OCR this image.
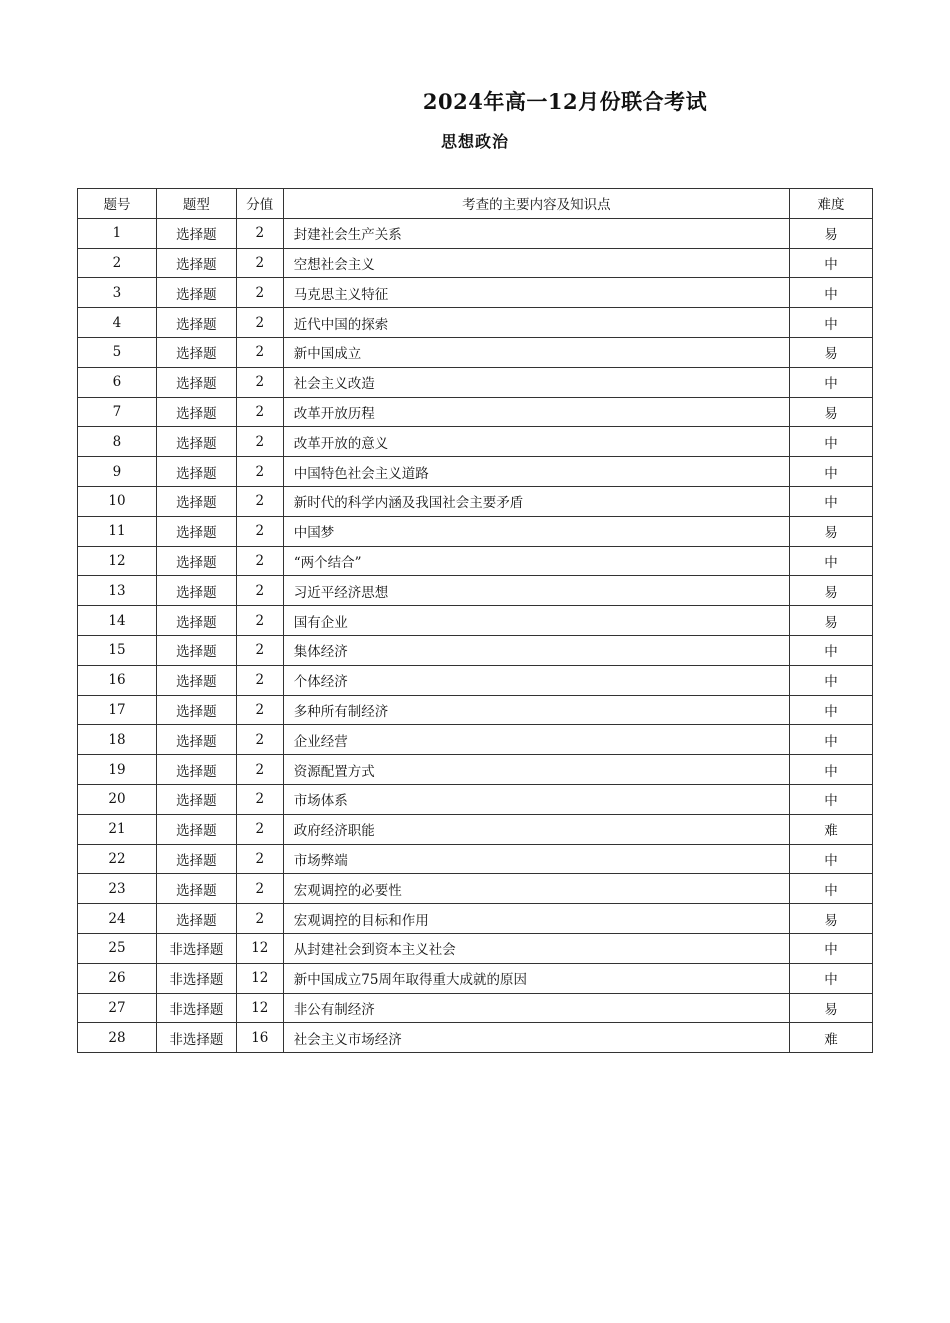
2024年高一12月份联合考试
思想政治
题号	题型	分值	考查的主要内容及知识点	难度
1	选择题	2	封建社会生产关系	易
2	选择题	2	空想社会主义	中
3	选择题	2	马克思主义特征	中
4	选择题	2	近代中国的探索	中
5	选择题	2	新中国成立	易
6	选择题	2	社会主义改造	中
7	选择题	2	改革开放历程	易
8	选择题	2	改革开放的意义	中
9	选择题	2	中国特色社会主义道路	中
10	选择题	2	新时代的科学内涵及我国社会主要矛盾	中
11	选择题	2	中国梦	易
12	选择题	2	“两个结合”	中
13	选择题	2	习近平经济思想	易
14	选择题	2	国有企业	易
15	选择题	2	集体经济	中
16	选择题	2	个体经济	中
17	选择题	2	多种所有制经济	中
18	选择题	2	企业经营	中
19	选择题	2	资源配置方式	中
20	选择题	2	市场体系	中
21	选择题	2	政府经济职能	难
22	选择题	2	市场弊端	中
23	选择题	2	宏观调控的必要性	中
24	选择题	2	宏观调控的目标和作用	易
25	非选择题	12	从封建社会到资本主义社会	中
26	非选择题	12	新中国成立75周年取得重大成就的原因	中
27	非选择题	12	非公有制经济	易
28	非选择题	16	社会主义市场经济	难
